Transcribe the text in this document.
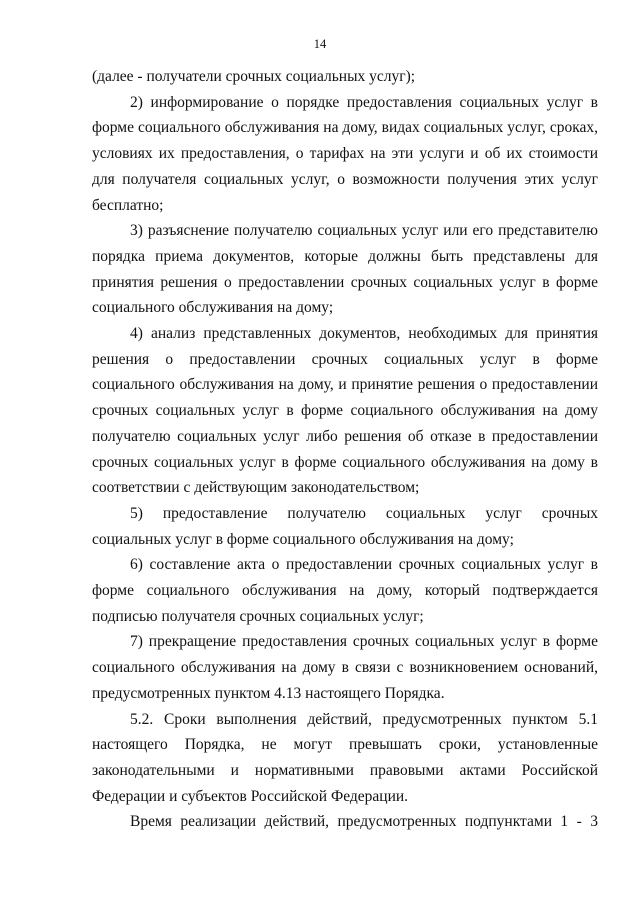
14

(далее - получатели срочных социальных услуг);

2) информирование о порядке предоставления социальных услуг в форме социального обслуживания на дому, видах социальных услуг, сроках, условиях их предоставления, о тарифах на эти услуги и об их стоимости для получателя социальных услуг, о возможности получения этих услуг бесплатно;

3) разъяснение получателю социальных услуг или его представителю порядка приема документов, которые должны быть представлены для принятия решения о предоставлении срочных социальных услуг в форме социального обслуживания на дому;

4) анализ представленных документов, необходимых для принятия решения о предоставлении срочных социальных услуг в форме социального обслуживания на дому, и принятие решения о предоставлении срочных социальных услуг в форме социального обслуживания на дому получателю социальных услуг либо решения об отказе в предоставлении срочных социальных услуг в форме социального обслуживания на дому в соответствии с действующим законодательством;

5) предоставление получателю социальных услуг срочных социальных услуг в форме социального обслуживания на дому;

6) составление акта о предоставлении срочных социальных услуг в форме социального обслуживания на дому, который подтверждается подписью получателя срочных социальных услуг;

7) прекращение предоставления срочных социальных услуг в форме социального обслуживания на дому в связи с возникновением оснований, предусмотренных пунктом 4.13 настоящего Порядка.

5.2. Сроки выполнения действий, предусмотренных пунктом 5.1 настоящего Порядка, не могут превышать сроки, установленные законодательными и нормативными правовыми актами Российской Федерации и субъектов Российской Федерации.

Время реализации действий, предусмотренных подпунктами 1 - 3
